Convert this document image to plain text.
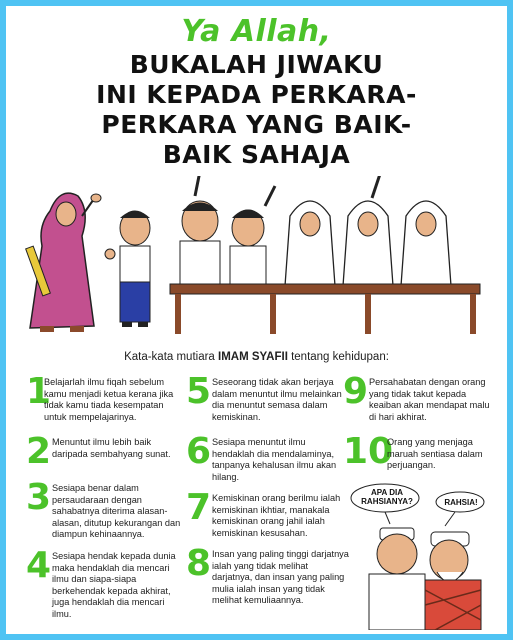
Ya Allah,
BUKALAH JIWAKU
INI KEPADA PERKARA-
PERKARA YANG BAIK-
BAIK SAHAJA
Kata-kata mutiara IMAM SYAFII tentang kehidupan:
1
Belajarlah ilmu fiqah sebelum kamu menjadi ketua kerana jika tidak kamu tiada kesempatan untuk mempelajarinya.
2 Menuntut ilmu lebih baik daripada sembahyang sunat.
3 Sesiapa benar dalam persaudaraan dengan sahabatnya diterima alasan-alasan, ditutup kekurangan dan diampun kehinaannya.
4 Sesiapa hendak kepada dunia maka hendaklah dia mencari ilmu dan siapa-siapa berkehendak kepada akhirat, juga hendaklah dia mencari ilmu.
5 Seseorang tidak akan berjaya dalam menuntut ilmu melainkan dia menuntut semasa dalam kemiskinan.
6 Sesiapa menuntut ilmu hendaklah dia mendalaminya, tanpanya kehalusan ilmu akan hilang.
7 Kemiskinan orang berilmu ialah kemiskinan ikhtiar, manakala kemiskinan orang jahil ialah kemiskinan kesusahan.
8 Insan yang paling tinggi darjatnya ialah yang tidak melihat darjatnya, dan insan yang paling mulia ialah insan yang tidak melihat kemuliaannya.
9 Persahabatan dengan orang yang tidak takut kepada keaiban akan mendapat malu di hari akhirat.
10
Orang yang menjaga maruah sentiasa dalam perjuangan.
APA DIA RAHSIANYA?	RAHSIA!
